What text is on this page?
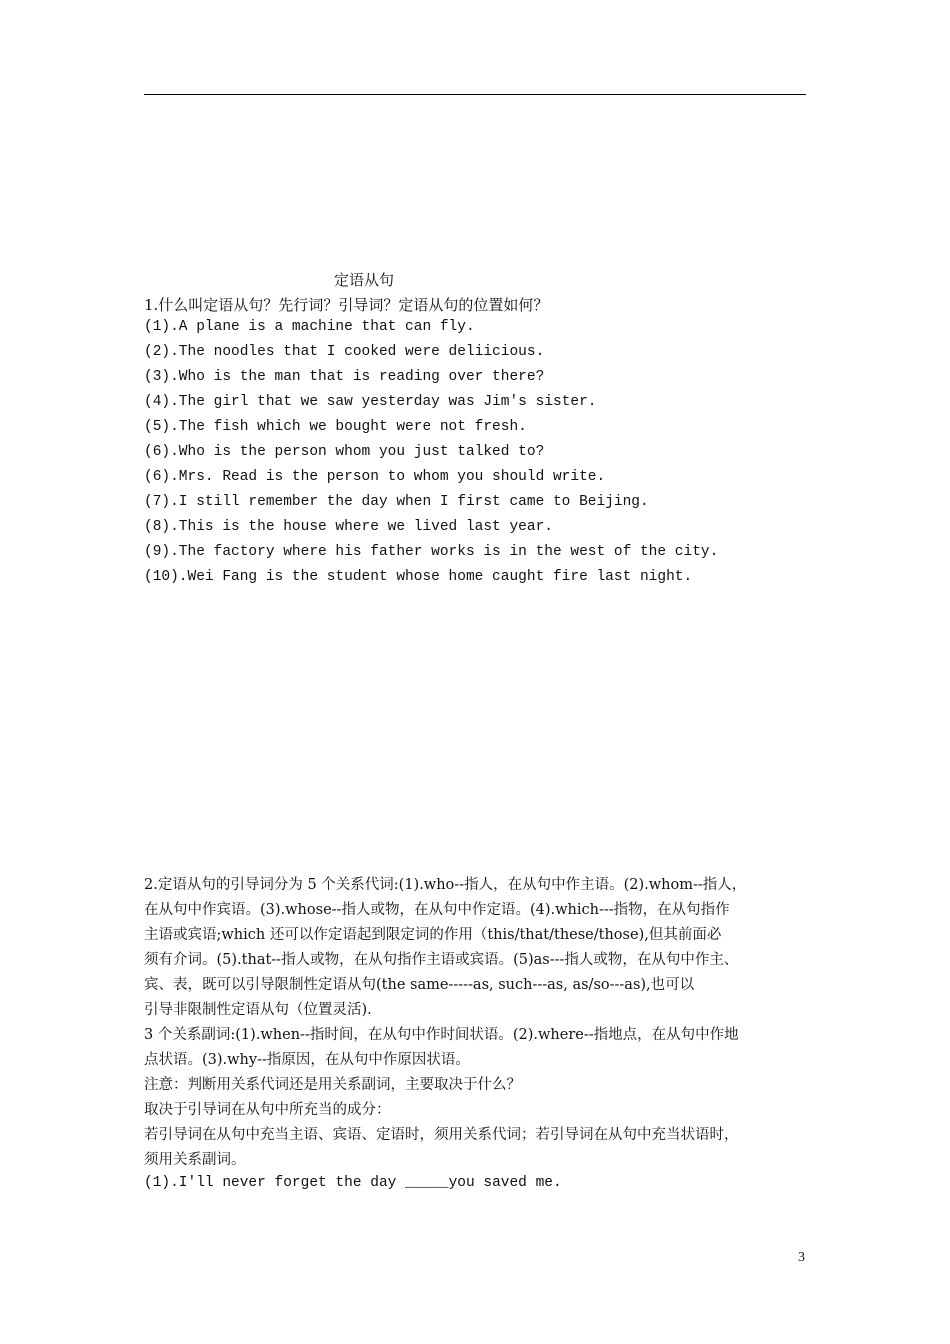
定语从句
1.什么叫定语从句？先行词？引导词？定语从句的位置如何？
(1).A plane is a machine that can fly.
(2).The noodles that I cooked were deliicious.
(3).Who is the man that is reading over there?
(4).The girl that we saw yesterday was Jim's sister.
(5).The fish which we bought were not fresh.
(6).Who is the person whom you just talked to?
(6).Mrs. Read is the person to whom you should write.
(7).I still remember the day when I first came to Beijing.
(8).This is the house where we lived last year.
(9).The factory where his father works is in the west of the city.
(10).Wei Fang is the student whose home caught fire last night.
2.定语从句的引导词分为 5 个关系代词:(1).who--指人，在从句中作主语。(2).whom--指人，
在从句中作宾语。(3).whose--指人或物，在从句中作定语。(4).which---指物，在从句指作
主语或宾语;which 还可以作定语起到限定词的作用（this/that/these/those),但其前面必
须有介词。(5).that--指人或物，在从句指作主语或宾语。(5)as---指人或物，在从句中作主、
宾、表，既可以引导限制性定语从句(the same-----as, such---as, as/so---as),也可以
引导非限制性定语从句（位置灵活).
3 个关系副词:(1).when--指时间，在从句中作时间状语。(2).where--指地点，在从句中作地
点状语。(3).why--指原因，在从句中作原因状语。
注意：判断用关系代词还是用关系副词，主要取决于什么？
取决于引导词在从句中所充当的成分：
若引导词在从句中充当主语、宾语、定语时，须用关系代词；若引导词在从句中充当状语时，
须用关系副词。
(1).I'll never forget the day _____you saved me.
3
